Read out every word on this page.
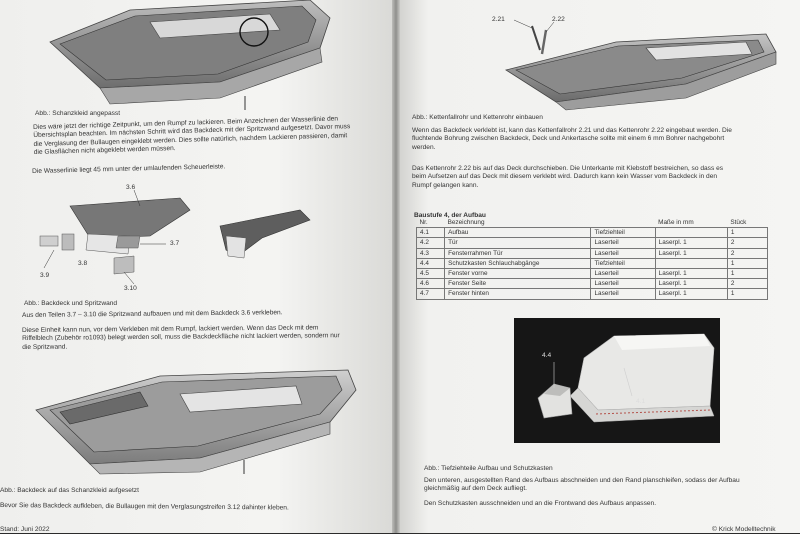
Abb.: Schanzkleid angepasst
Dies wäre jetzt der richtige Zeitpunkt, um den Rumpf zu lackieren. Beim Anzeichnen der Wasserlinie den
Übersichtsplan beachten. Im nächsten Schritt wird das Backdeck mit der Spritzwand aufgesetzt. Davor muss
die Verglasung der Bullaugen eingeklebt werden. Dies sollte natürlich, nachdem Lackieren passieren, damit
die Glasflächen nicht abgeklebt werden müssen.
Die Wasserlinie liegt 45 mm unter der umlaufenden Scheuerleiste.
3.6
3.7
3.8
3.9
3.10
Abb.: Backdeck und Spritzwand
Aus den Teilen 3.7 – 3.10 die Spritzwand aufbauen und mit dem Backdeck 3.6 verkleben.
Diese Einheit kann nun, vor dem Verkleben mit dem Rumpf, lackiert werden. Wenn das Deck mit dem
Riffelblech (Zubehör ro1093) belegt werden soll, muss die Backdeckfläche nicht lackiert werden, sondern nur
die Spritzwand.
Abb.: Backdeck auf das Schanzkleid aufgesetzt
Bevor Sie das Backdeck aufkleben, die Bullaugen mit den Verglasungstreifen 3.12 dahinter kleben.
Stand: Juni 2022
2.21	2.22
Abb.: Kettenfallrohr und Kettenrohr einbauen
Wenn das Backdeck verklebt ist, kann das Kettenfallrohr 2.21 und das Kettenrohr 2.22 eingebaut werden. Die
fluchtende Bohrung zwischen Backdeck, Deck und Ankertasche sollte mit einem 6 mm Bohrer nachgebohrt
werden.
Das Kettenrohr 2.22 bis auf das Deck durchschieben. Die Unterkante mit Klebstoff bestreichen, so dass es
beim Aufsetzen auf das Deck mit diesem verklebt wird. Dadurch kann kein Wasser vom Backdeck in den
Rumpf gelangen kann.
Baustufe 4, der Aufbau
Nr.	Bezeichnung		Maße in mm	Stück
4.1	Aufbau	Tiefziehteil		1
4.2	Tür	Laserteil	Laserpl. 1	2
4.3	Fensterrahmen Tür	Laserteil	Laserpl. 1	2
4.4	Schutzkasten Schlauchabgänge	Tiefziehteil		1
4.5	Fenster vorne	Laserteil	Laserpl. 1	1
4.6	Fenster Seite	Laserteil	Laserpl. 1	2
4.7	Fenster hinten	Laserteil	Laserpl. 1	1
4.4
4.1
Abb.: Tiefziehteile Aufbau und Schutzkasten
Den unteren, ausgestellten Rand des Aufbaus abschneiden und den Rand planschleifen, sodass der Aufbau
gleichmäßig auf dem Deck aufliegt.
Den Schutzkasten ausschneiden und an die Frontwand des Aufbaus anpassen.
© Krick Modelltechnik
